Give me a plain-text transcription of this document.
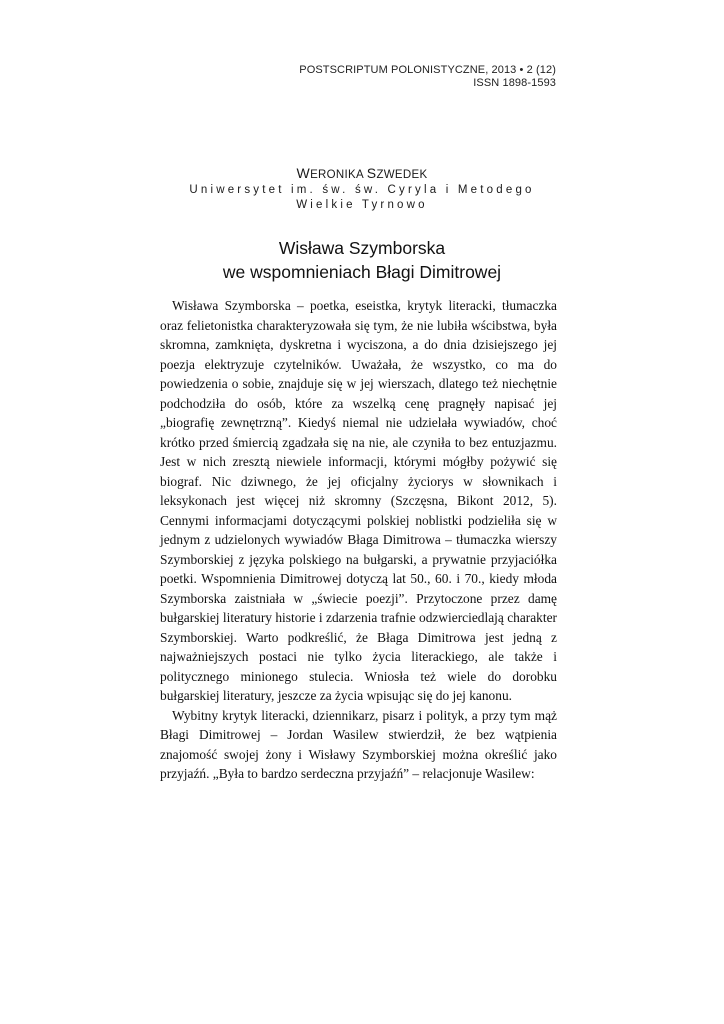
POSTSCRIPTUM POLONISTYCZNE, 2013 • 2 (12)
ISSN 1898-1593
WERONIKA SZWEDEK
Uniwersytet im. św. św. Cyryla i Metodego
Wielkie Tyrnowo
Wisława Szymborska
we wspomnieniach Błagi Dimitrowej

Wisława Szymborska – poetka, eseistka, krytyk literacki, tłumaczka oraz felietonistka charakteryzowała się tym, że nie lubiła wścibstwa, była skromna, zamknięta, dyskretna i wyciszona, a do dnia dzisiejszego jej poezja elektryzuje czytelników. Uważała, że wszystko, co ma do powiedzenia o sobie, znajduje się w jej wierszach, dlatego też niechętnie podchodziła do osób, które za wszelką cenę pragnęły napisać jej „biografię zewnętrzną”. Kiedyś niemal nie udzielała wywiadów, choć krótko przed śmiercią zgadzała się na nie, ale czyniła to bez entuzjazmu. Jest w nich zresztą niewiele informacji, którymi mógłby pożywić się biograf. Nic dziwnego, że jej oficjalny życiorys w słownikach i leksykonach jest więcej niż skromny (Szczęsna, Bikont 2012, 5). Cennymi informacjami dotyczącymi polskiej noblistki podzieliła się w jednym z udzielonych wywiadów Błaga Dimitrowa – tłumaczka wierszy Szymborskiej z języka polskiego na bułgarski, a prywatnie przyjaciółka poetki. Wspomnienia Dimitrowej dotyczą lat 50., 60. i 70., kiedy młoda Szymborska zaistniała w „świecie poezji”. Przytoczone przez damę bułgarskiej literatury historie i zdarzenia trafnie odzwierciedlają charakter Szymborskiej. Warto podkreślić, że Błaga Dimitrowa jest jedną z najważniejszych postaci nie tylko życia literackiego, ale także i politycznego minionego stulecia. Wniosła też wiele do dorobku bułgarskiej literatury, jeszcze za życia wpisując się do jej kanonu.

Wybitny krytyk literacki, dziennikarz, pisarz i polityk, a przy tym mąż Błagi Dimitrowej – Jordan Wasilew stwierdził, że bez wątpienia znajomość swojej żony i Wisławy Szymborskiej można określić jako przyjaźń. „Była to bardzo serdeczna przyjaźń” – relacjonuje Wasilew:
